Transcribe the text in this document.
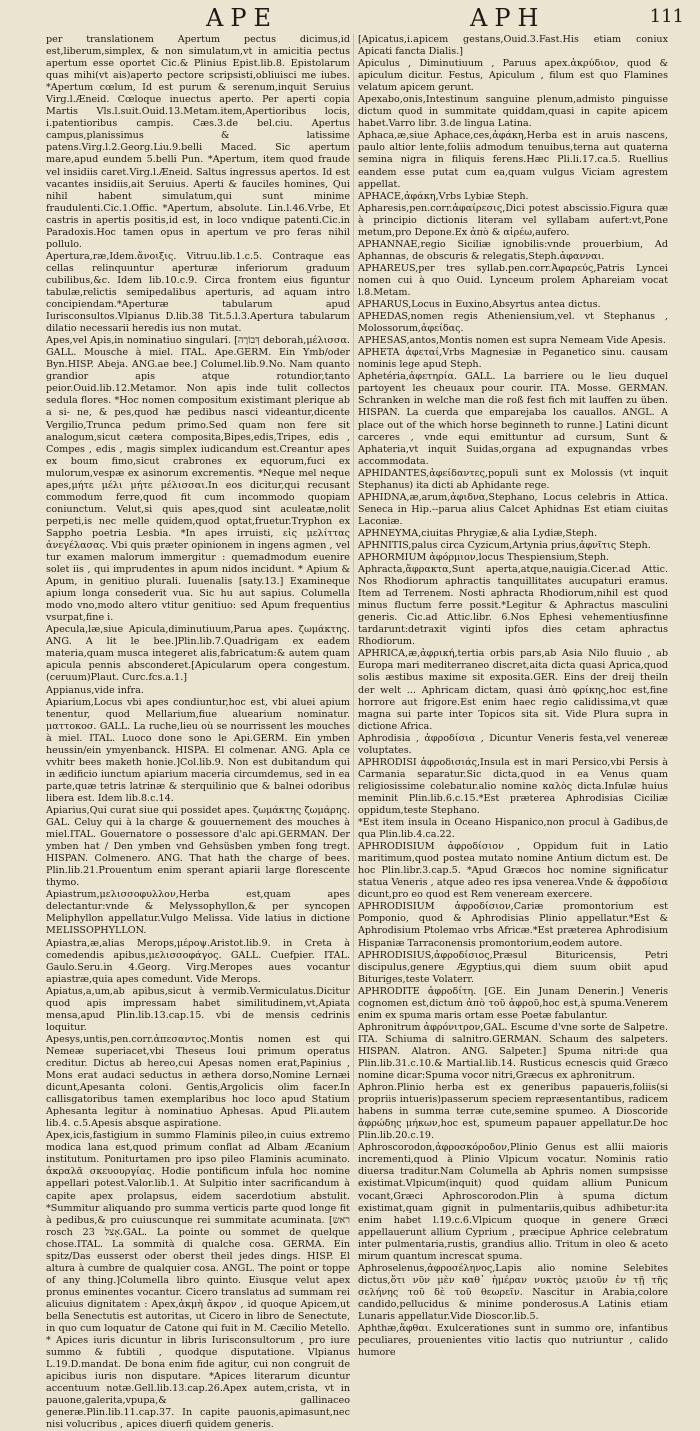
APE	APH	111

per translationem Apertum pectus dicimus,id est,liberum,simplex, & non simulatum,vt in amicitia pectus apertum esse oportet Cic.& Plinius Epist.lib.8. Epistolarum quas mihi(vt ais)aperto pectore scripsisti,obliuisci me iubes. *Apertum cœlum, Id est purum & serenum,inquit Seruius Virg.l.Æneid. Cœloque inuectus aperto. Per aperti copia Martis Vls.l.suit.Ouid.13.Metam.item,Apertioribus locis, i.patentioribus campis. Cæs.3.de bel.ciu. Apertus campus,planissimus & latissime patens.Virg.l.2.Georg.Liu.9.belli Maced. Sic apertum mare,apud eundem 5.belli Pun. *Apertum, item quod fraude vel insidiis caret.Virg.l.Æneid. Saltus ingressus apertos. Id est vacantes insidiis,ait Seruius. Aperti & fauciles homines, Qui nihil habent simulatum,qui sunt minime fraudulenti.Cic.1.Offic. *Apertum, absolute. Lin.l.46.Vrbe, Et castris in apertis positis,id est, in loco vndique patenti.Cic.in Paradoxis.Hoc tamen opus in apertum ve pro feras nihil pollulo.

Apertura,ræ,Idem.ἄνοιξις. Vitruu.lib.1.c.5. Contraque eas cellas relinquuntur aperturæ inferiorum graduum cubilibus,&c. Idem lib.10.c.9. Circa frontem eius figuntur tabulæ,relictis semipedalibus aperturis, ad aquam intro concipiendam.*Aperturæ tabularum apud Iurisconsultos.Vlpianus D.lib.38 Tit.5.l.3.Apertura tabularum dilatio necessarii heredis ius non mutat.

Apes,vel Apis,in nominatiuo singulari. [דְּבוֹרָה deborah,μέλισσα. GALL. Mousche à miel. ITAL. Ape.GERM. Ein Ymb/oder Byn.HISP. Abeja. ANG.ae bee.] Columel.lib.9.No. Nam quanto grandior apis atque rotundior,tanto peior.Ouid.lib.12.Metamor. Non apis inde tulit collectos sedula flores. *Hoc nomen compositum existimant plerique ab a si- ne, & pes,quod hæ pedibus nasci videantur,dicente Vergilio,Trunca pedum primo.Sed quam non fere sit analogum,sicut cætera composita,Bipes,edis,Tripes, edis , Compes , edis , magis simplex iudicandum est.Creantur apes ex boum fimo,sicut crabrones ex equorum,fuci ex mulorum,vespæ ex asinorum excrementis. *Neque mel neque apes,μήτε μέλι μήτε μέλισσαι.In eos dicitur,qui recusant commodum ferre,quod fit cum incommodo quopiam coniunctum. Velut,si quis apes,quod sint aculeatæ,nolit perpeti,is nec melle quidem,quod optat,fruetur.Tryphon ex Sappho poetria Lesbia. *In apes irruisti, εἰς μελίττας ἀνεγέλασας. Vbi quis præter opinionem in ingens agmen , vel tur examen malorum immergitur : quemadmodum euenire solet iis , qui imprudentes in apum nidos incidunt. * Apium & Apum, in genitiuo plurali. Iuuenalis [saty.13.] Examineque apium longa consederit vua. Sic hu aut sapius. Columella modo vno,modo altero vtitur genitiuo: sed Apum frequentius vsurpat,fine i.

Apecula,læ,siue Apicula,diminutiuum,Parua apes. ζωμάκτης. ANG. A lit le bee.]Plin.lib.7.Quadrigam ex eadem materia,quam musca integeret alis,fabricatum:& autem quam apicula pennis absconderet.[Apicularum opera congestum.(ceruum)Plaut. Curc.fcs.a.1.]

Appianus,vide infra.

Apiarium,Locus vbi apes condiuntur,hoc est, vbi aluei apium tenentur, quod Mellarium,fiue aluearium nominatur. ματτοκοσ. GALL. La ruche,lieu où se nourrissent les mouches à miel. ITAL. Luoco done sono le Api.GERM. Ein ymben heussin/ein ymyenbanck. HISPA. El colmenar. ANG. Apla ce vvhitr bees maketh honie.]Col.lib.9. Non est dubitandum qui in ædificio iunctum apiarium maceria circumdemus, sed in ea parte,quæ tetris latrinæ & sterquilinio que & balnei odoribus libera est. Idem lib.8.c.14.

Apiarius,Qui curat siue qui possidet apes. ζωμάκτης ζωμάρης. GAL. Celuy qui à la charge & gouuernement des mouches à miel.ITAL. Gouernatore o possessore d'alc api.GERMAN. Der ymben hat / Den ymben vnd Gehsüsben ymben fong tregt. HISPAN. Colmenero. ANG. That hath the charge of bees. Plin.lib.21.Prouentum enim sperant apiarii large florescente thymo.

Apiastrum,μελισσοφυλλον,Herba est,quam apes delectantur:vnde & Melyssophyllon,& per syncopen Meliphyllon appellatur.Vulgo Melissa. Vide latius in dictione MELISSOPHYLLON.

Apiastra,æ,alias Merops,μέροψ.Aristot.lib.9. in Creta à comedendis apibus,μελισσοφάγος. GALL. Cuefpier. ITAL. Gaulo.Seru.in 4.Georg. Virg.Meropes aues vocantur apiastræ,quia apes comedunt. Vide Merops.

Apiatus,a,um,ab apibus,sicut à vermib.Vermiculatus.Dicitur quod apis impressam habet similitudinem,vt,Apiata mensa,apud Plin.lib.13.cap.15. vbi de mensis cedrinis loquitur.

Apesys,untis,pen.corr.ἀπεσαντος.Montis nomen est qui Nemeæ superiacet,vbi Theseus Ioui primum operatus creditur. Dictus ab hereo,cui Apesas nomen erat,Papinius , Mons erat audaci seductus in æthera dorso,Nomine Lernæi dicunt,Apesanta coloni. Gentis,Argolicis olim facer.In callisgatoribus tamen exemplaribus hoc loco apud Statium Aphesanta legitur à nominatiuo Aphesas. Apud Pli.autem lib.4. c.5.Apesis absque aspiratione.

Apex,icis,fastigium in summo Flaminis pileo,in cuius extremo modica lana est,quod primum conflat ad Albam Æcanium institutum. Poniturtamen pro ipso pileo Flaminis acuminato. ἀκραλᾶ σκευουργίας. Hodie pontificum infula hoc nomine appellari potest.Valor.lib.1. At Sulpitio inter sacrificandum à capite apex prolapsus, eidem sacerdotium abstulit. *Summitur aliquando pro summa verticis parte quod longe fit à pedibus,& pro cuiuscunque rei summitate acuminata. [ראש rosch 23 אָצל.GAL. La pointe ou sommet de quelque chose.ITAL. La sommità di qualche cosa. GERMA. Ein spitz/Das eusserst oder oberst theil jedes dings. HISP. El altura à cumbre de qualquier cosa. ANGL. The point or toppe of any thing.]Columella libro quinto. Eiusque velut apex pronus eminentes vocantur. Cicero translatus ad summam rei alicuius dignitatem : Apex,ἀκμὴ ἄκρον , id quoque Apicem,ut bella Senectutis est autoritas, ut Cicero in libro de Senectute, in quo cum loquatur de Catone qui fuit in M. Cæcilio Metello. * Apices iuris dicuntur in libris Iurisconsultorum , pro iure summo & fubtili , quodque disputatione. Vlpianus L.19.D.mandat. De bona enim fide agitur, cui non congruit de apicibus iuris non disputare. *Apices literarum dicuntur accentuum notæ.Gell.lib.13.cap.26.Apex autem,crista, vt in pauone,galerita,vpupa,& gallinaceo generæ.Plin.lib.11.cap.37. In capite pauonis,apimasunt,nec nisi volucribus , apices diuerfi quidem generis.

[Apicatus,i.apicem gestans,Ouid.3.Fast.His etiam coniux Apicati fancta Dialis.]

Apiculus , Diminutiuum , Paruus apex.ἀκρύδιον, quod & apiculum dicitur. Festus, Apiculum , filum est quo Flamines velatum apicem gerunt.

Apexabo,onis,Intestinum sanguine plenum,admisto pinguisse dictum quod in summitate quiddam,quasi in capite apicem habet.Varro libr. 3.de lingua Latina.

Aphaca,æ,siue Aphace,ces,ἀφάκη,Herba est in aruis nascens, paulo altior lente,foliis admodum tenuibus,terna aut quaterna semina nigra in filiquis ferens.Hæc Pli.li.17.ca.5. Ruellius eandem esse putat cum ea,quam vulgus Viciam agrestem appellat.

APHACE,ἀφάκη,Vrbs Lybiæ Steph.

Apharesis,pen.corr.ἀφαίρεσις,Dici potest abscissio.Figura quæ à principio dictionis literam vel syllabam aufert:vt,Pone metum,pro Depone.Ex ἀπὸ & αἱρέω,aufero.

APHANNAE,regio Siciliæ ignobilis:vnde prouerbium, Ad Aphannas, de obscuris & relegatis,Steph.ἀφανναι.

APHAREUS,per tres syllab.pen.corr.Ἀφαρεύς,Patris Lyncei nomen cui à quo Ouid. Lynceum prolem Aphareiam vocat l.8.Metam.

APHARUS,Locus in Euxino,Absyrtus antea dictus.

APHEDAS,nomen regis Atheniensium,vel. vt Stephanus , Molossorum,ἀφείδας.

APHESAS,antos,Montis nomen est supra Nemeam Vide Apesis.

APHETA ἀφεταί,Vrbs Magnesiæ in Peganetico sinu. causam nominis lege apud Steph.

Aphetéria,ἀφετηρία. GALL. La barriere ou le lieu duquel partoyent les cheuaux pour courir. ITA. Mosse. GERMAN. Schranken in welche man die roß fest fich mit lauffen zu üben. HISPAN. La cuerda que emparejaba los cauallos. ANGL. A place out of the which horse beginneth to runne.] Latini dicunt carceres , vnde equi emittuntur ad cursum, Sunt & Aphateria,vt inquit Suidas,organa ad expugnandas vrbes accommodata.

APHIDANTES,ἀφείδαντες,populi sunt ex Molossis (vt inquit Stephanus) ita dicti ab Aphidante rege.

APHIDNA,æ,arum,ἀφιδνα,Stephano, Locus celebris in Attica. Seneca in Hip.--parua alius Calcet Aphidnas Est etiam ciuitas Laconiæ.

APHNEYMA,ciuitas Phrygiæ,& alia Lydiæ,Steph.

APHNITIS,palus circa Cyzicum,Artynia prius,ἀφνῖτις Steph.

APHORMIUM ἀφόρμιον,locus Thespiensium,Steph.

Aphracta,ἄφρακτα,Sunt aperta,atque,nauigia.Cicer.ad Attic. Nos Rhodiorum aphractis tanquillitates aucupaturi eramus. Item ad Terrenem. Nosti aphracta Rhodiorum,nihil est quod minus fluctum ferre possit.*Legitur & Aphractus masculini generis. Cic.ad Attic.libr. 6.Nos Ephesi vehementiusfinne tardarunt:detraxit viginti ipfos dies cetam aphractus Rhodiorum.

APHRICA,æ,ἀφρική,tertia orbis pars,ab Asia Nilo fluuio , ab Europa mari mediterraneo discret,aita dicta quasi Aprica,quod solis æstibus maxime sit exposita.GER. Eins der dreij theiln der welt ... Aphricam dictam, quasi ἀπὸ φρίκης,hoc est,fine horrore aut frigore.Est enim haec regio calidissima,vt quæ magna sui parte inter Topicos sita sit. Vide Plura supra in dictione Africa.

Aphrodisia , ἀφροδίσια , Dicuntur Veneris festa,vel venereæ voluptates.

APHRODISI ἀφροδισιάς,Insula est in mari Persico,vbi Persis à Carmania separatur.Sic dicta,quod in ea Venus quam religiosissime colebatur.alio nomine καλὸς dicta.Infulæ huius meminit Plin.lib.6.c.15.*Est præterea Aphrodisias Ciciliæ oppidum,teste Stephano.

*Est item insula in Oceano Hispanico,non procul à Gadibus,de qua Plin.lib.4.ca.22.

APHRODISIUM ἀφροδίσιον , Oppidum fuit in Latio maritimum,quod postea mutato nomine Antium dictum est. De hoc Plin.libr.3.cap.5. *Apud Græcos hoc nomine significatur statua Veneris , atque adeo res ipsa venerea.Vnde & ἀφροδίσια dicunt,pro eo quod est Rem veneream exercere.

APHRODISIUM ἀφροδίσιον,Cariæ promontorium est Pomponio, quod & Aphrodisias Plinio appellatur.*Est & Aphrodisium Ptolemao vrbs Africæ.*Est præterea Aphrodisium Hispaniæ Tarraconensis promontorium,eodem autore.

APHRODISIUS,ἀφροδίσιος,Præsul Bituricensis, Petri discipulus,genere Ægyptius,qui diem suum obiit apud Bituriges,teste Volaterr.

APHRODITE ἀφροδίτη. [GE. Ein Junam Denerin.] Veneris cognomen est,dictum ἀπὸ τοῦ ἀφροῦ,hoc est,à spuma.Venerem enim ex spuma maris ortam esse Poetæ fabulantur.

Aphronitrum ἀφρόνιτρον,GAL. Escume d'vne sorte de Salpetre. ITA. Schiuma di salnitro.GERMAN. Schaum des salpeters. HISPAN. Alatron. ANG. Salpeter.] Spuma nitri:de qua Plin.lib.31.c.10.& Martial.lib.14. Rusticus ecnescis quid Græco nomine dicar:Spuma vocor nitri,Græcus ex aphronitrum.

Aphron.Plinio herba est ex generibus papaueris,foliis(si propriis intueris)passerum speciem repræsentantibus, radicem habens in summa terræ cute,semine spumeo. A Dioscoride ἀφρώδης μήκων,hoc est, spumeum papauer appellatur.De hoc Plin.lib.20.c.19.

Aphroscorodon,ἀφροσκόροδον,Plinio Genus est allii maioris incrementi,quod à Plinio Vlpicum vocatur. Nominis ratio diuersa traditur.Nam Columella ab Aphris nomen sumpsisse existimat.Vlpicum(inquit) quod quidam allium Punicum vocant,Græci Aphroscorodon.Plin à spuma dictum existimat,quam gignit in pulmentariis,quibus adhibetur:ita enim habet l.19.c.6.Vlpicum quoque in genere Græci appellauerunt allium Cyprium , præcipue Aphrice celebratum inter pulmentaria,rustis, grandius allio. Tritum in oleo & aceto mirum quantum increscat spuma.

Aphroselenus,ἀφροσέληνος,Lapis alio nomine Selebites dictus,ὅτι νῦν μὲν καθ᾽ ἡμέραν νυκτὸς μειοῦν ἐν τῇ τῆς σελήνης τοῦ δὲ τοῦ θεωρεῖν. Nascitur in Arabia,colore candido,pellucidus & minime ponderosus.A Latinis etiam Lunaris appellatur.Vide Dioscor.lib.5.

Aphthæ,ἄφθαι. Exulcerationes sunt in summo ore, infantibus peculiares, prouenientes vitio lactis quo nutriuntur , calido humore
